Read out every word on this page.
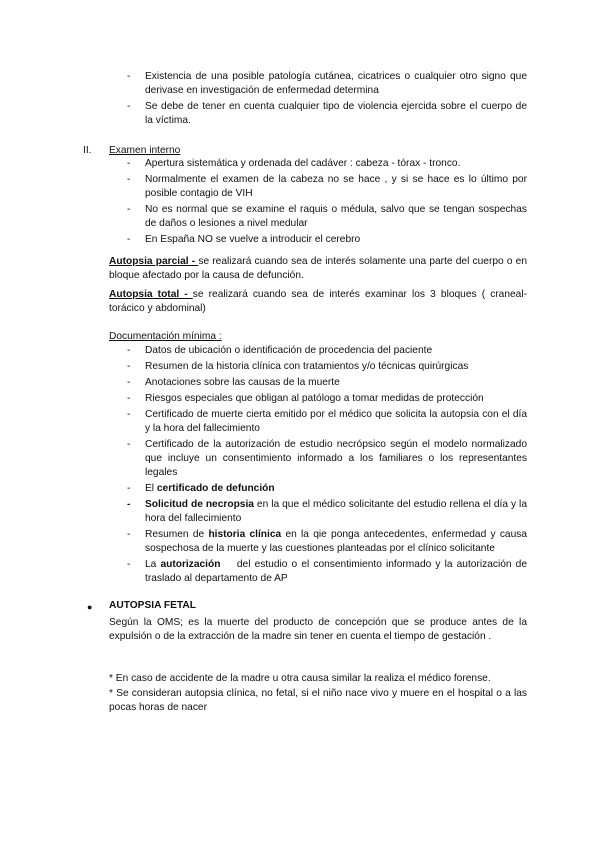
- Existencia de una posible patología cutánea, cicatrices o cualquier otro signo que derivase en investigación de enfermedad determina
- Se debe de tener en cuenta cualquier tipo de violencia ejercida sobre el cuerpo de la víctima.
II. Examen interno
- Apertura sistemática y ordenada del cadáver : cabeza - tórax - tronco.
- Normalmente el examen de la cabeza no se hace , y si se hace es lo último por posible contagio de VIH
- No es normal que se examine el raquis o médula, salvo que se tengan sospechas de daños o lesiones a nivel medular
- En España NO se vuelve a introducir el cerebro
Autopsia parcial - se realizará cuando sea de interés solamente una parte del cuerpo o en bloque afectado por la causa de defunción.
Autopsia total - se realizará cuando sea de interés examinar los 3 bloques ( craneal- torácico y abdominal)
Documentación mínima :
- Datos de ubicación o identificación de procedencia del paciente
- Resumen de la historia clínica con tratamientos y/o técnicas quirúrgicas
- Anotaciones sobre las causas de la muerte
- Riesgos especiales que obligan al patólogo a tomar medidas de protección
- Certificado de muerte cierta emitido por el médico que solicita la autopsia con el día y la hora del fallecimiento
- Certificado de la autorización de estudio necrópsico según el modelo normalizado que incluye un consentimiento informado a los familiares o los representantes legales
- El certificado de defunción
- Solicitud de necropsia en la que el médico solicitante del estudio rellena el día y la hora del fallecimiento
- Resumen de historia clínica en la qie ponga antecedentes, enfermedad y causa sospechosa de la muerte y las cuestiones planteadas por el clínico solicitante
- La autorización    del estudio o el consentimiento informado y la autorización de traslado al departamento de AP
● AUTOPSIA FETAL
Según la OMS; es la muerte del producto de concepción que se produce antes de la expulsión o de la extracción de la madre sin tener en cuenta el tiempo de gestación .
* En caso de accidente de la madre u otra causa similar la realiza el médico forense.
* Se consideran autopsia clínica, no fetal, si el niño nace vivo y muere en el hospital o a las pocas horas de nacer
